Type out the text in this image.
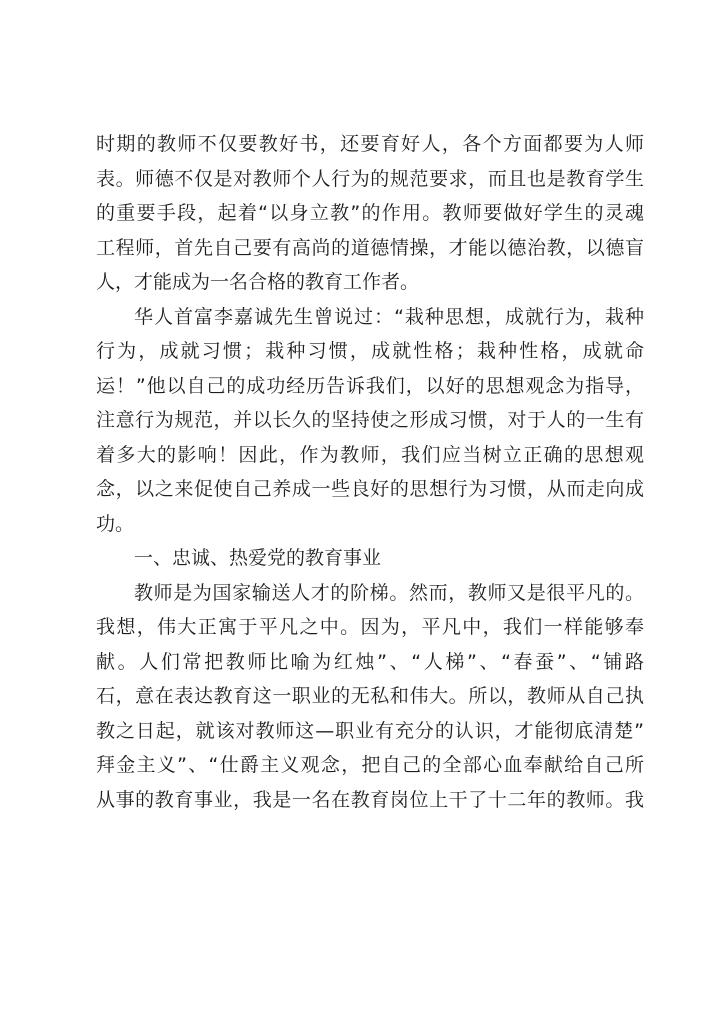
时期的教师不仅要教好书，还要育好人，各个方面都要为人师
表。师德不仅是对教师个人行为的规范要求，而且也是教育学生
的重要手段，起着“以身立教”的作用。教师要做好学生的灵魂
工程师，首先自己要有高尚的道德情操，才能以德治教，以德盲
人，才能成为一名合格的教育工作者。
华人首富李嘉诚先生曾说过：“栽种思想，成就行为，栽种
行为，成就习惯；栽种习惯，成就性格；栽种性格，成就命
运！”他以自己的成功经历告诉我们，以好的思想观念为指导，
注意行为规范，并以长久的坚持使之形成习惯，对于人的一生有
着多大的影响！因此，作为教师，我们应当树立正确的思想观
念，以之来促使自己养成一些良好的思想行为习惯，从而走向成
功。
一、忠诚、热爱党的教育事业
教师是为国家输送人才的阶梯。然而，教师又是很平凡的。
我想，伟大正寓于平凡之中。因为，平凡中，我们一样能够奉
献。人们常把教师比喻为红烛”、“人梯”、“春蚕”、“铺路
石，意在表达教育这一职业的无私和伟大。所以，教师从自己执
教之日起，就该对教师这—职业有充分的认识，才能彻底清楚”
拜金主义”、“仕爵主义观念，把自己的全部心血奉献给自己所
从事的教育事业，我是一名在教育岗位上干了十二年的教师。我
